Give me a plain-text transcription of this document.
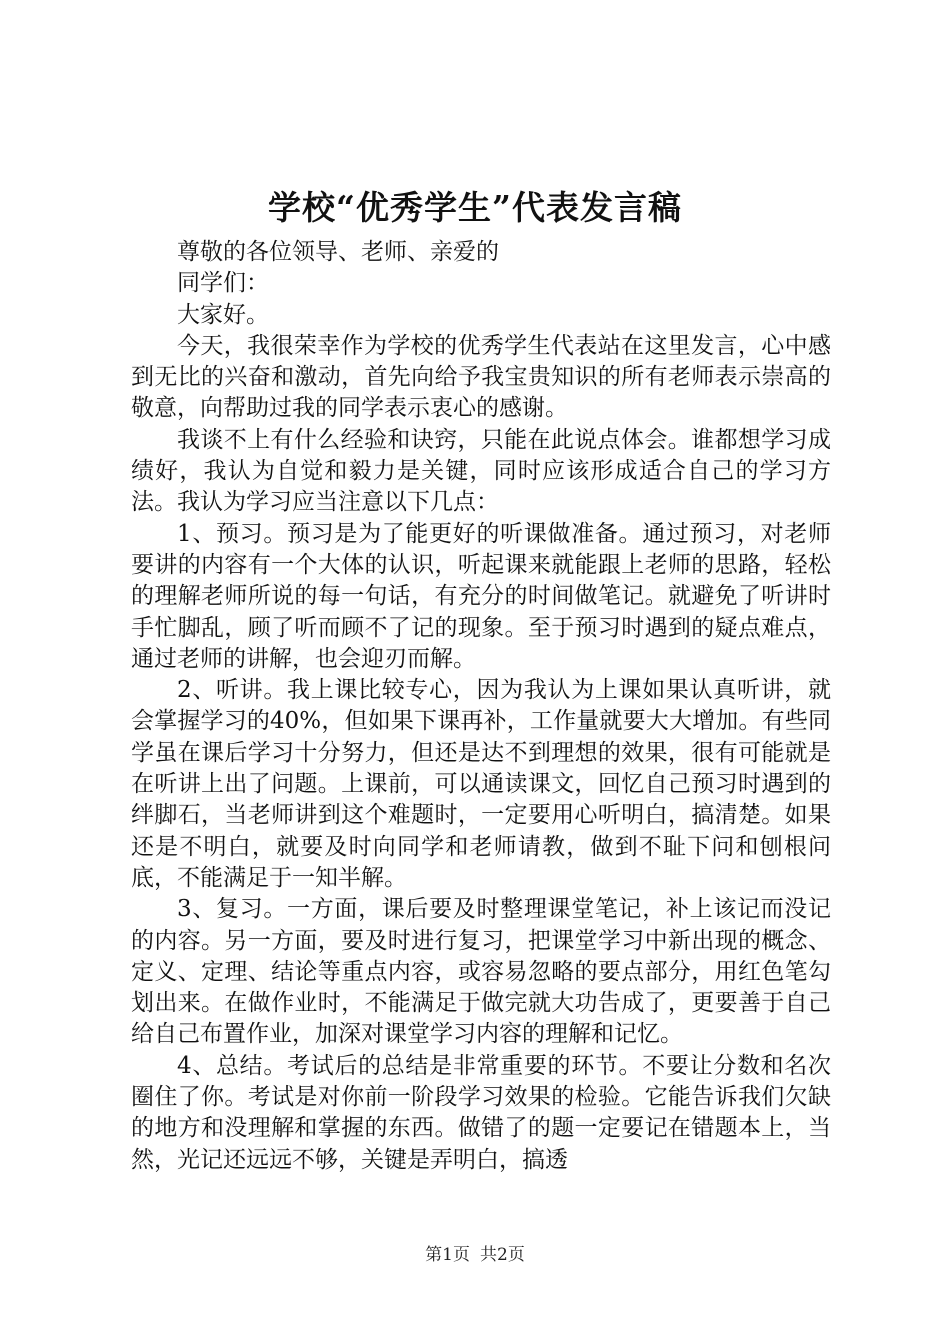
学校“优秀学生”代表发言稿

尊敬的各位领导、老师、亲爱的

同学们：

大家好。

今天，我很荣幸作为学校的优秀学生代表站在这里发言，心中感到无比的兴奋和激动，首先向给予我宝贵知识的所有老师表示崇高的敬意，向帮助过我的同学表示衷心的感谢。

我谈不上有什么经验和诀窍，只能在此说点体会。谁都想学习成绩好，我认为自觉和毅力是关键，同时应该形成适合自己的学习方法。我认为学习应当注意以下几点：

1、预习。预习是为了能更好的听课做准备。通过预习，对老师要讲的内容有一个大体的认识，听起课来就能跟上老师的思路，轻松的理解老师所说的每一句话，有充分的时间做笔记。就避免了听讲时手忙脚乱，顾了听而顾不了记的现象。至于预习时遇到的疑点难点，通过老师的讲解，也会迎刃而解。

2、听讲。我上课比较专心，因为我认为上课如果认真听讲，就会掌握学习的40%，但如果下课再补，工作量就要大大增加。有些同学虽在课后学习十分努力，但还是达不到理想的效果，很有可能就是在听讲上出了问题。上课前，可以通读课文，回忆自己预习时遇到的绊脚石，当老师讲到这个难题时，一定要用心听明白，搞清楚。如果还是不明白，就要及时向同学和老师请教，做到不耻下问和刨根问底，不能满足于一知半解。

3、复习。一方面，课后要及时整理课堂笔记，补上该记而没记的内容。另一方面，要及时进行复习，把课堂学习中新出现的概念、定义、定理、结论等重点内容，或容易忽略的要点部分，用红色笔勾划出来。在做作业时，不能满足于做完就大功告成了，更要善于自己给自己布置作业，加深对课堂学习内容的理解和记忆。

4、总结。考试后的总结是非常重要的环节。不要让分数和名次圈住了你。考试是对你前一阶段学习效果的检验。它能告诉我们欠缺的地方和没理解和掌握的东西。做错了的题一定要记在错题本上，当然，光记还远远不够，关键是弄明白，搞透

第1页 共2页
